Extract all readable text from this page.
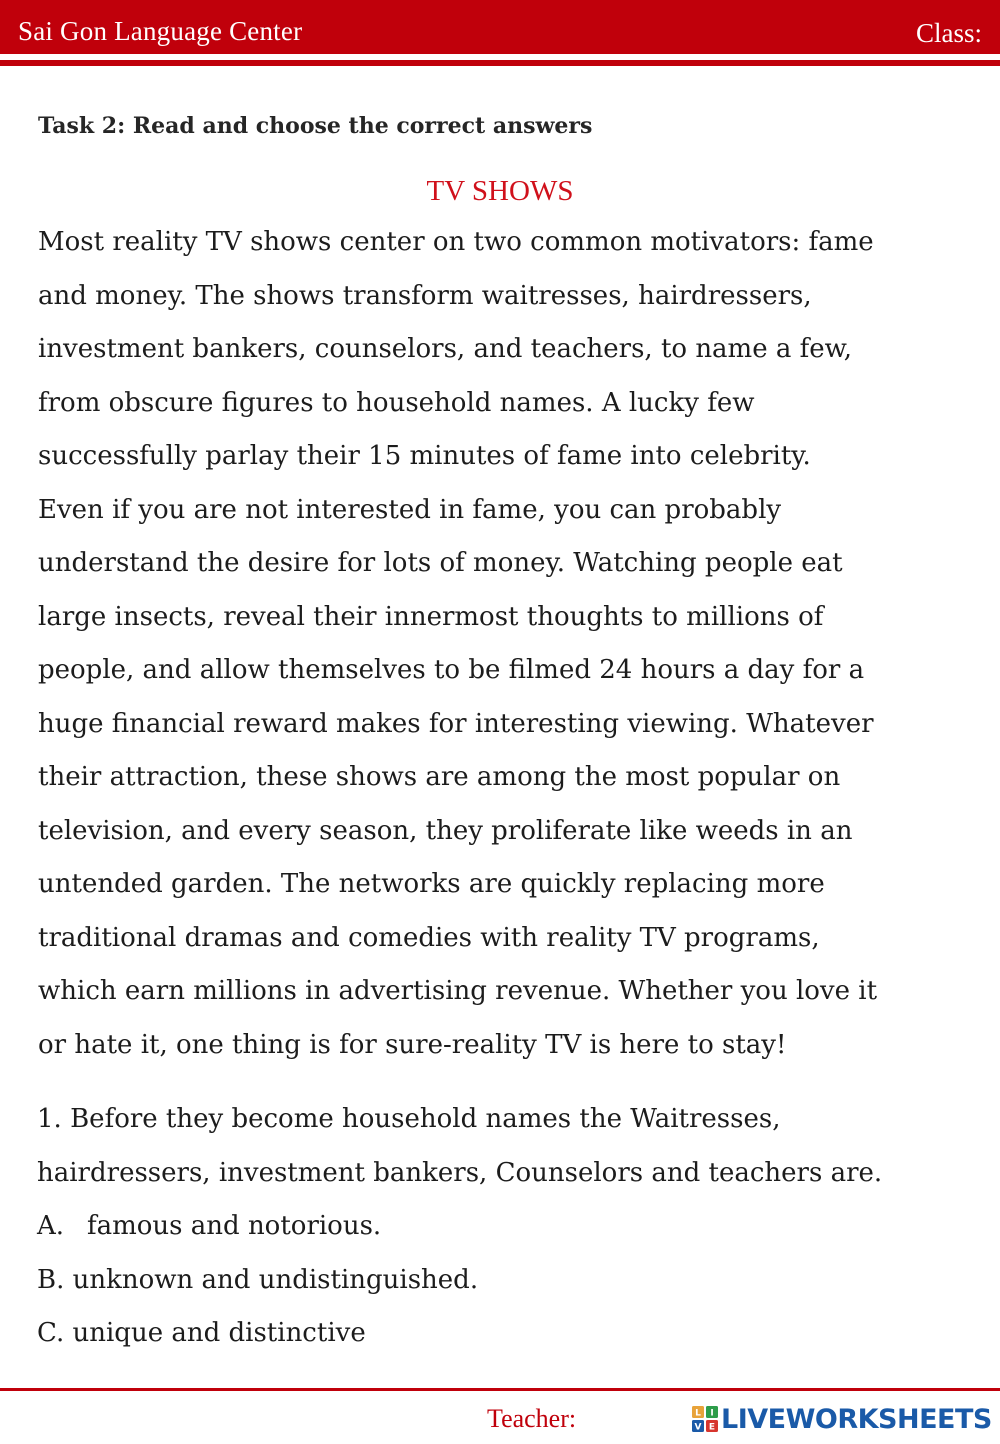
Sai Gon Language Center	Class:
Task 2: Read and choose the correct answers
TV SHOWS
Most reality TV shows center on two common motivators: fame
and money. The shows transform waitresses, hairdressers,
investment bankers, counselors, and teachers, to name a few,
from obscure figures to household names. A lucky few
successfully parlay their 15 minutes of fame into celebrity.
Even if you are not interested in fame, you can probably
understand the desire for lots of money. Watching people eat
large insects, reveal their innermost thoughts to millions of
people, and allow themselves to be filmed 24 hours a day for a
huge financial reward makes for interesting viewing. Whatever
their attraction, these shows are among the most popular on
television, and every season, they proliferate like weeds in an
untended garden. The networks are quickly replacing more
traditional dramas and comedies with reality TV programs,
which earn millions in advertising revenue. Whether you love it
or hate it, one thing is for sure-reality TV is here to stay!
1. Before they become household names the Waitresses,
hairdressers, investment bankers, Counselors and teachers are.
A. famous and notorious.
B. unknown and undistinguished.
C. unique and distinctive
Teacher:	L I
V E LIVEWORKSHEETS
